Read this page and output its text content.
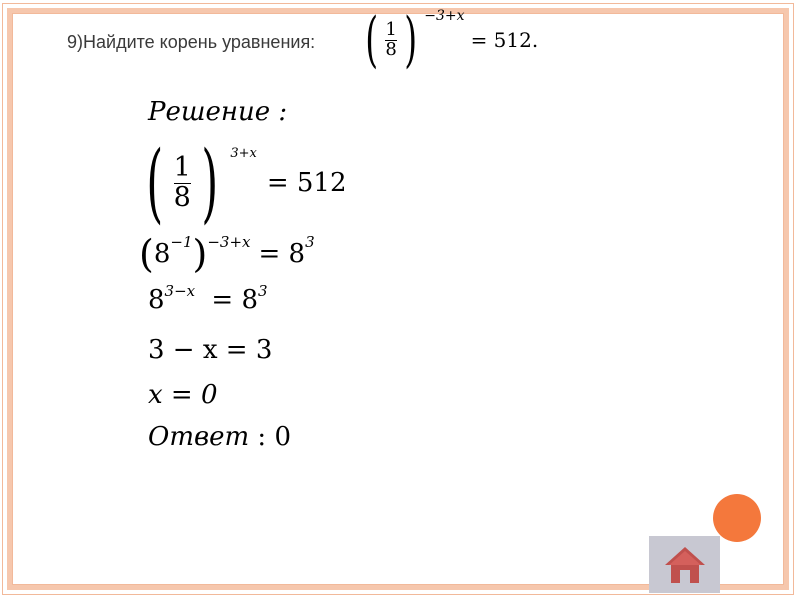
9)Найдите корень уравнения: ( $\frac{1}{8}$ ) −3+x
= 512.
Решение :
( $\frac{1}{8}$ ) 3+x
= 512
( 8 −1 ) −3+x = 8 3
$8^{3-x} = 8^3$
3 − x = 3
x = 0
Ответ : 0
